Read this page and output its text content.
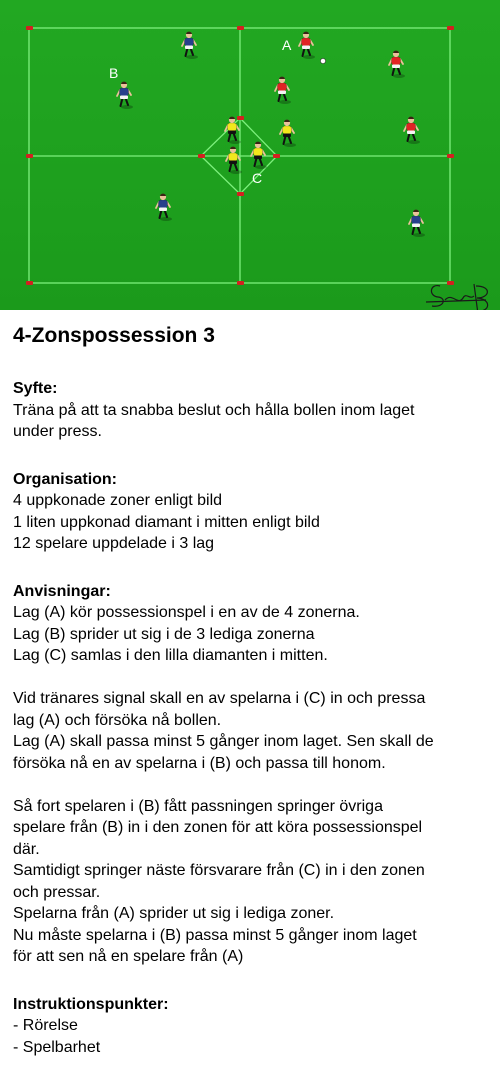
A
B
C
4-Zonspossession 3
Syfte:
Träna på att ta snabba beslut och hålla bollen inom laget
under press.
Organisation:
4 uppkonade zoner enligt bild
1 liten uppkonad diamant i mitten enligt bild
12 spelare uppdelade i 3 lag
Anvisningar:
Lag (A) kör possessionspel i en av de 4 zonerna.
Lag (B) sprider ut sig i de 3 lediga zonerna
Lag (C) samlas i den lilla diamanten i mitten.
Vid tränares signal skall en av spelarna i (C) in och pressa
lag (A) och försöka nå bollen.
Lag (A) skall passa minst 5 gånger inom laget. Sen skall de
försöka nå en av spelarna i (B) och passa till honom.
Så fort spelaren i (B) fått passningen springer övriga
spelare från (B) in i den zonen för att köra possessionspel
där.
Samtidigt springer näste försvarare från (C) in i den zonen
och pressar.
Spelarna från (A) sprider ut sig i lediga zoner.
Nu måste spelarna i (B) passa minst 5 gånger inom laget
för att sen nå en spelare från (A)
Instruktionspunkter:
- Rörelse
- Spelbarhet
